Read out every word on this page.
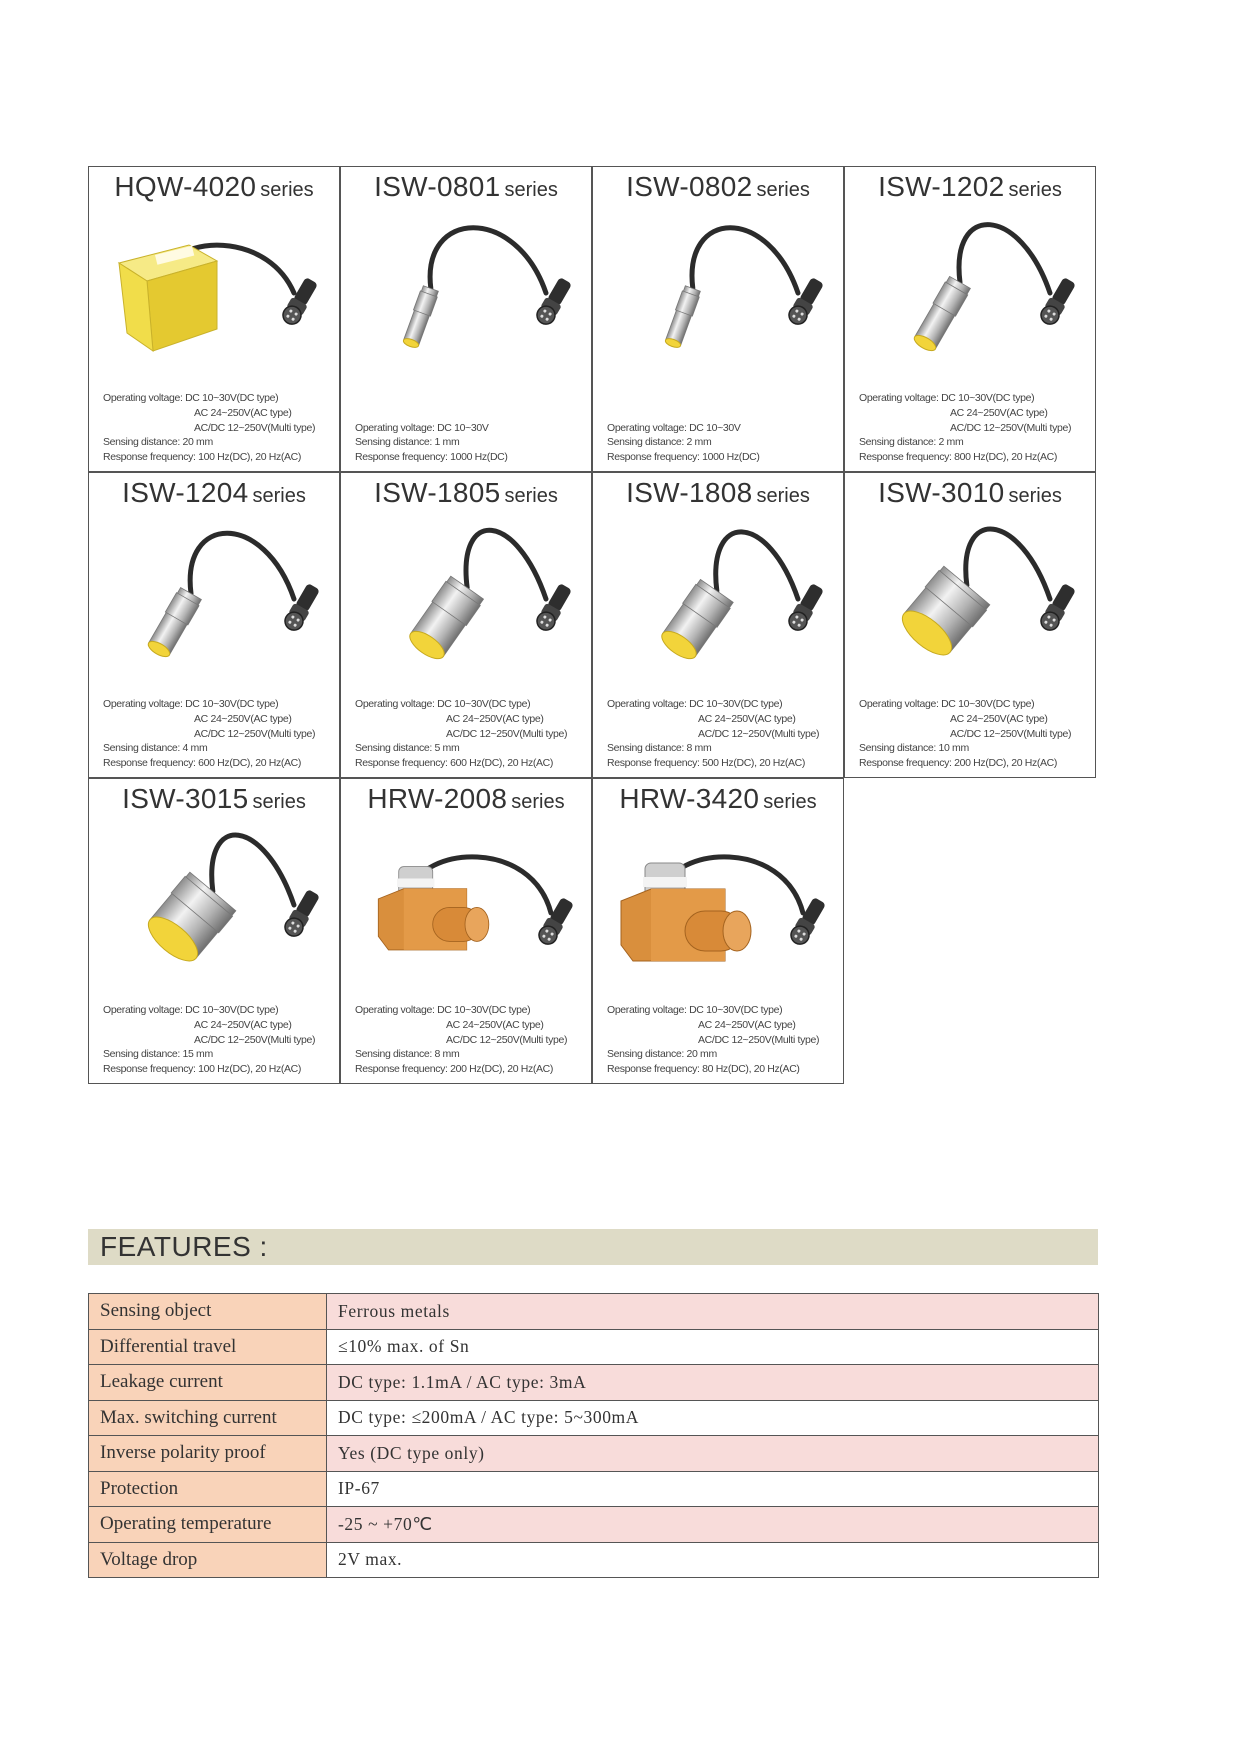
HQW-4020 series
Operating voltage: DC 10~30V(DC type)
AC 24~250V(AC type)
AC/DC 12~250V(Multi type)
Sensing distance: 20 mm
Response frequency: 100 Hz(DC), 20 Hz(AC)
ISW-0801 series
Operating voltage: DC 10~30V
Sensing distance: 1 mm
Response frequency: 1000 Hz(DC)
ISW-0802 series
Operating voltage: DC 10~30V
Sensing distance: 2 mm
Response frequency: 1000 Hz(DC)
ISW-1202 series
Operating voltage: DC 10~30V(DC type)
AC 24~250V(AC type)
AC/DC 12~250V(Multi type)
Sensing distance: 2 mm
Response frequency: 800 Hz(DC), 20 Hz(AC)
ISW-1204 series
Operating voltage: DC 10~30V(DC type)
AC 24~250V(AC type)
AC/DC 12~250V(Multi type)
Sensing distance: 4 mm
Response frequency: 600 Hz(DC), 20 Hz(AC)
ISW-1805 series
Operating voltage: DC 10~30V(DC type)
AC 24~250V(AC type)
AC/DC 12~250V(Multi type)
Sensing distance: 5 mm
Response frequency: 600 Hz(DC), 20 Hz(AC)
ISW-1808 series
Operating voltage: DC 10~30V(DC type)
AC 24~250V(AC type)
AC/DC 12~250V(Multi type)
Sensing distance: 8 mm
Response frequency: 500 Hz(DC), 20 Hz(AC)
ISW-3010 series
Operating voltage: DC 10~30V(DC type)
AC 24~250V(AC type)
AC/DC 12~250V(Multi type)
Sensing distance: 10 mm
Response frequency: 200 Hz(DC), 20 Hz(AC)
ISW-3015 series
Operating voltage: DC 10~30V(DC type)
AC 24~250V(AC type)
AC/DC 12~250V(Multi type)
Sensing distance: 15 mm
Response frequency: 100 Hz(DC), 20 Hz(AC)
HRW-2008 series
Operating voltage: DC 10~30V(DC type)
AC 24~250V(AC type)
AC/DC 12~250V(Multi type)
Sensing distance: 8 mm
Response frequency: 200 Hz(DC), 20 Hz(AC)
HRW-3420 series
Operating voltage: DC 10~30V(DC type)
AC 24~250V(AC type)
AC/DC 12~250V(Multi type)
Sensing distance: 20 mm
Response frequency: 80 Hz(DC), 20 Hz(AC)
FEATURES :
Sensing object	Ferrous metals
Differential travel	≤10% max. of Sn
Leakage current	DC type: 1.1mA / AC type: 3mA
Max. switching current	DC type: ≤200mA / AC type: 5~300mA
Inverse polarity proof	Yes (DC type only)
Protection	IP-67
Operating temperature	-25 ~ +70℃
Voltage drop	2V max.
